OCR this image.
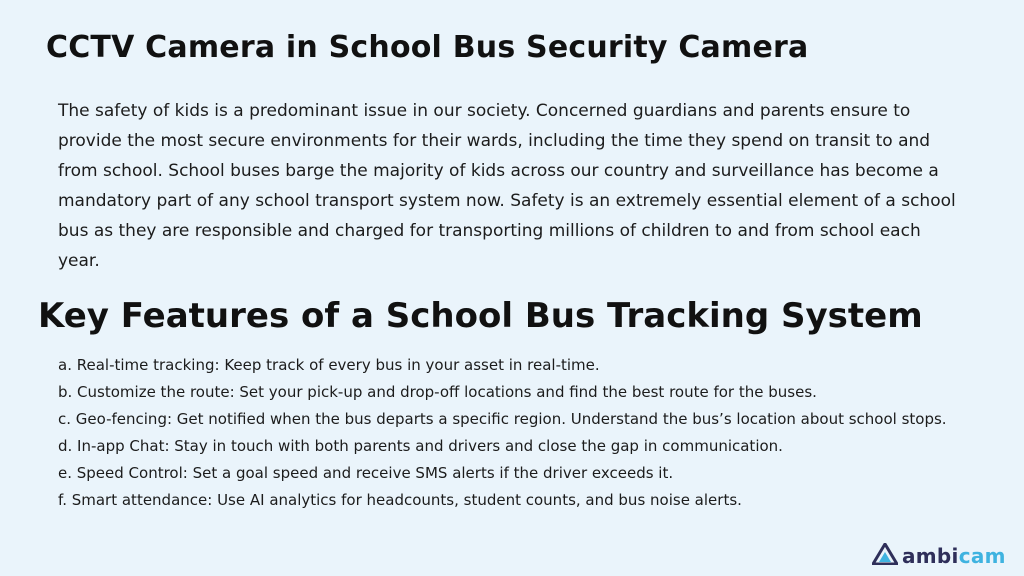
CCTV Camera in School Bus Security Camera

The safety of kids is a predominant issue in our society. Concerned guardians and parents ensure to provide the most secure environments for their wards, including the time they spend on transit to and from school. School buses barge the majority of kids across our country and surveillance has become a mandatory part of any school transport system now. Safety is an extremely essential element of a school bus as they are responsible and charged for transporting millions of children to and from school each year.

Key Features of a School Bus Tracking System
a. Real-time tracking: Keep track of every bus in your asset in real-time.
b. Customize the route: Set your pick-up and drop-off locations and find the best route for the buses.
c. Geo-fencing: Get notified when the bus departs a specific region. Understand the bus’s location about school stops.
d. In-app Chat: Stay in touch with both parents and drivers and close the gap in communication.
e. Speed Control: Set a goal speed and receive SMS alerts if the driver exceeds it.
f. Smart attendance: Use AI analytics for headcounts, student counts, and bus noise alerts.
ambicam
